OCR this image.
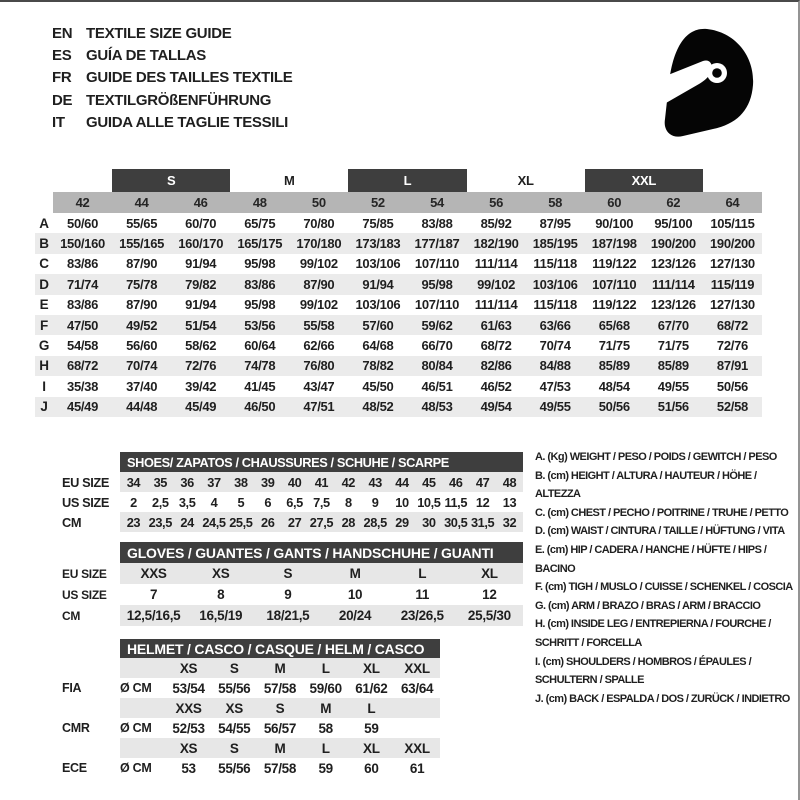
EN TEXTILE SIZE GUIDE
ES GUÍA DE TALLAS
FR GUIDE DES TAILLES TEXTILE
DE TEXTILGRÖßENFÜHRUNG
IT	GUIDA ALLE TAGLIE TESSILI
		S		M		L		XL		XXL		
	42	44	46	48	50	52	54	56	58	60	62	64
A	50/60	55/65	60/70	65/75	70/80	75/85	83/88	85/92	87/95	90/100	95/100	105/115
B	150/160	155/165	160/170	165/175	170/180	173/183	177/187	182/190	185/195	187/198	190/200	190/200
C	83/86	87/90	91/94	95/98	99/102	103/106	107/110	111/114	115/118	119/122	123/126	127/130
D	71/74	75/78	79/82	83/86	87/90	91/94	95/98	99/102	103/106	107/110	111/114	115/119
E	83/86	87/90	91/94	95/98	99/102	103/106	107/110	111/114	115/118	119/122	123/126	127/130
F	47/50	49/52	51/54	53/56	55/58	57/60	59/62	61/63	63/66	65/68	67/70	68/72
G	54/58	56/60	58/62	60/64	62/66	64/68	66/70	68/72	70/74	71/75	71/75	72/76
H	68/72	70/74	72/76	74/78	76/80	78/82	80/84	82/86	84/88	85/89	85/89	87/91
I	35/38	37/40	39/42	41/45	43/47	45/50	46/51	46/52	47/53	48/54	49/55	50/56
J	45/49	44/48	45/49	46/50	47/51	48/52	48/53	49/54	49/55	50/56	51/56	52/58
	SHOES/ ZAPATOS / CHAUSSURES / SCHUHE / SCARPE														
EU SIZE	34	35	36	37	38	39	40	41	42	43	44	45	46	47	48
US SIZE	2	2,5	3,5	4	5	6	6,5	7,5	8	9	10	10,5	11,5	12	13
CM	23	23,5	24	24,5	25,5	26	27	27,5	28	28,5	29	30	30,5	31,5	32
	GLOVES / GUANTES / GANTS / HANDSCHUHE / GUANTI					
EU SIZE	XXS	XS	S	M	L	XL
US SIZE	7	8	9	10	11	12
CM	12,5/16,5	16,5/19	18/21,5	20/24	23/26,5	25,5/30
	HELMET / CASCO / CASQUE / HELM / CASCO						
		XS	S	M	L	XL	XXL
FIA	Ø CM	53/54	55/56	57/58	59/60	61/62	63/64
		XXS	XS	S	M	L	
CMR	Ø CM	52/53	54/55	56/57	58	59	
		XS	S	M	L	XL	XXL
ECE	Ø CM	53	55/56	57/58	59	60	61
A. (Kg) WEIGHT / PESO / POIDS / GEWITCH / PESO
B. (cm) HEIGHT / ALTURA / HAUTEUR / HÖHE / ALTEZZA
C. (cm) CHEST / PECHO / POITRINE / TRUHE / PETTO
D. (cm) WAIST / CINTURA / TAILLE / HÜFTUNG / VITA
E. (cm) HIP / CADERA / HANCHE / HÜFTE / HIPS / BACINO
F. (cm) TIGH / MUSLO / CUISSE / SCHENKEL / COSCIA
G. (cm) ARM / BRAZO / BRAS / ARM / BRACCIO
H. (cm) INSIDE LEG / ENTREPIERNA / FOURCHE / SCHRITT / FORCELLA
I. (cm) SHOULDERS / HOMBROS / ÉPAULES / SCHULTERN / SPALLE
J. (cm) BACK / ESPALDA / DOS / ZURÜCK / INDIETRO
